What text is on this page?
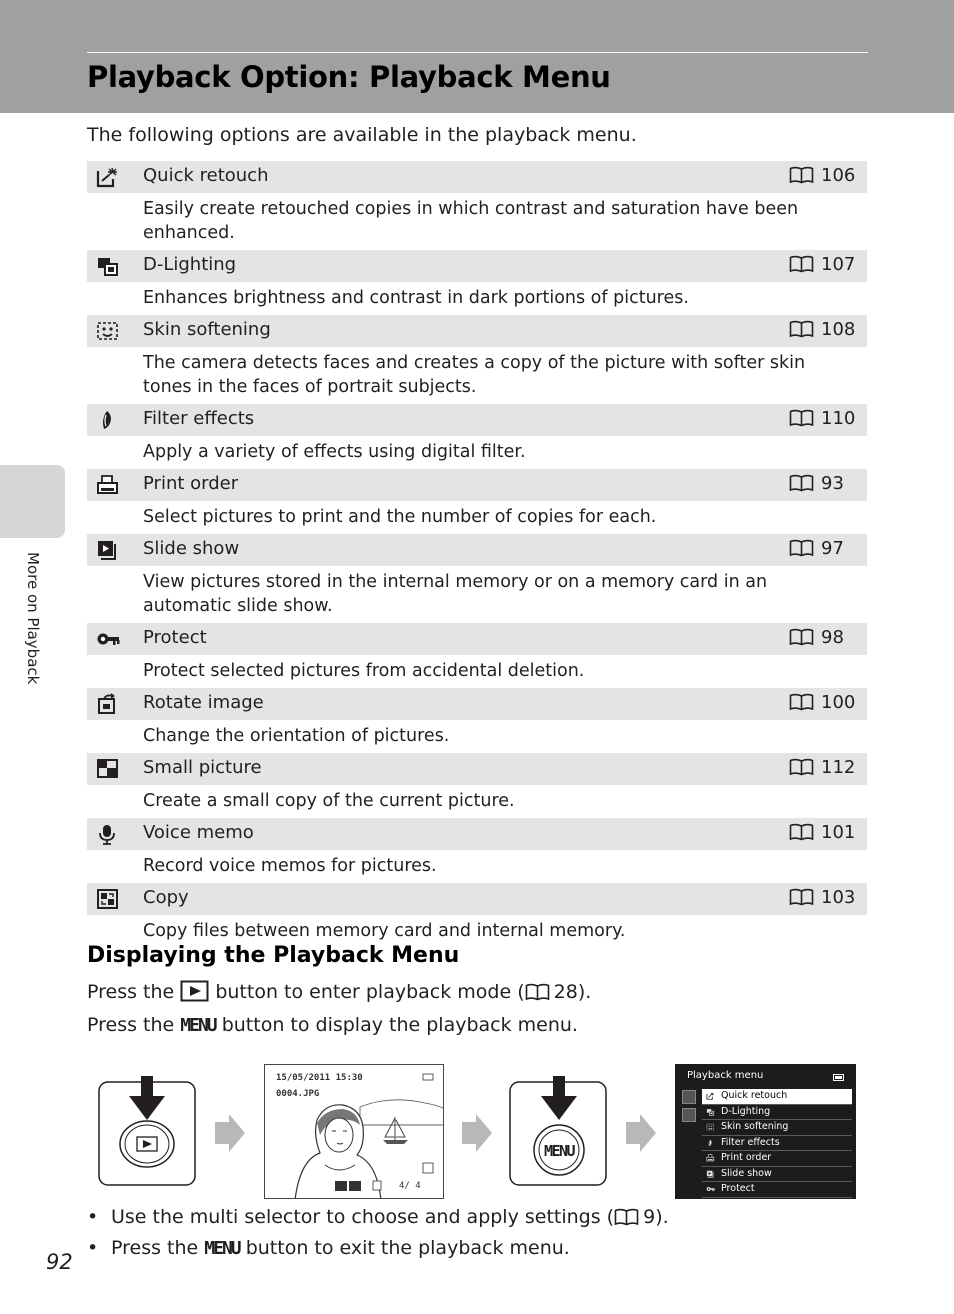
Playback Option: Playback Menu
More on Playback
The following options are available in the playback menu.
Quick retouch	106
Easily create retouched copies in which contrast and saturation have been enhanced.
D-Lighting	107
Enhances brightness and contrast in dark portions of pictures.
Skin softening	108
The camera detects faces and creates a copy of the picture with softer skin tones in the faces of portrait subjects.
Filter effects	110
Apply a variety of effects using digital filter.
Print order	93
Select pictures to print and the number of copies for each.
Slide show	97
View pictures stored in the internal memory or on a memory card in an automatic slide show.
Protect	98
Protect selected pictures from accidental deletion.
Rotate image	100
Change the orientation of pictures.
Small picture	112
Create a small copy of the current picture.
Voice memo	101
Record voice memos for pictures.
Copy	103
Copy files between memory card and internal memory.
Displaying the Playback Menu
Press the button to enter playback mode ( 28).
Press the MENU button to display the playback menu.
15/05/2011 15:30
0004.JPG
4/ 4
MENU
Playback menu
Quick retouch
D-Lighting
Skin softening
Filter effects
Print order
Slide show
Protect
• Use the multi selector to choose and apply settings ( 9).
• Press the MENU button to exit the playback menu.
92
